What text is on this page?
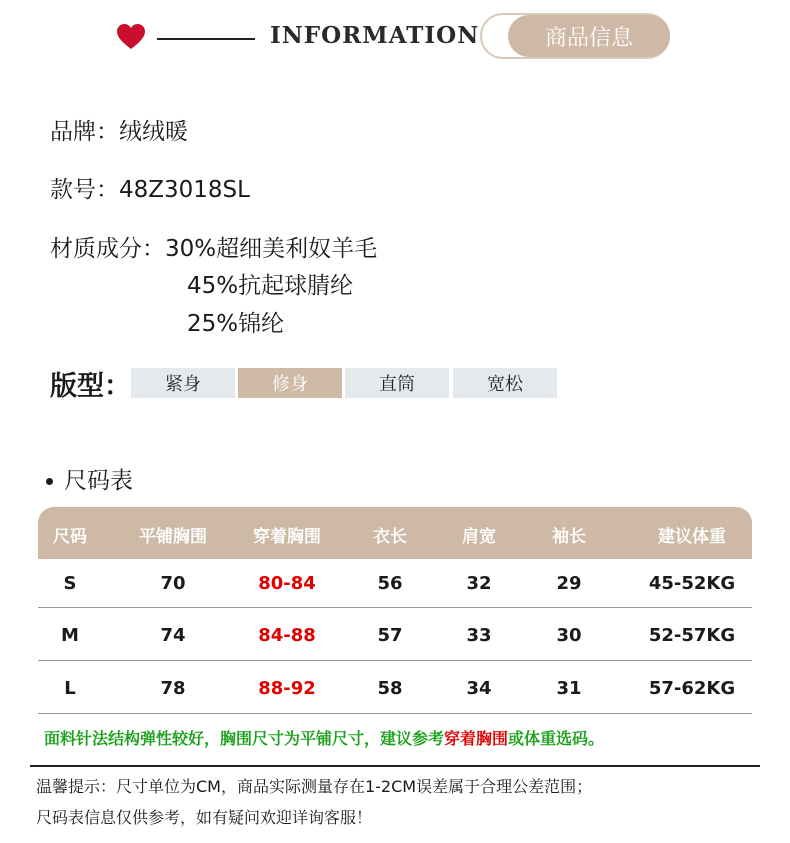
INFORMATION	商品信息
品牌：绒绒暖
款号：48Z3018SL
材质成分：30%超细美利奴羊毛
45%抗起球腈纶
25%锦纶
版型：	紧身	修身	直筒	宽松
尺码表
尺码	平铺胸围	穿着胸围	衣长	肩宽	袖长	建议体重
S	70	80-84	56	32	29	45-52KG
M	74	84-88	57	33	30	52-57KG
L	78	88-92	58	34	31	57-62KG
面料针法结构弹性较好，胸围尺寸为平铺尺寸，建议参考穿着胸围或体重选码。
温馨提示：尺寸单位为CM，商品实际测量存在1-2CM误差属于合理公差范围；
尺码表信息仅供参考，如有疑问欢迎详询客服！
